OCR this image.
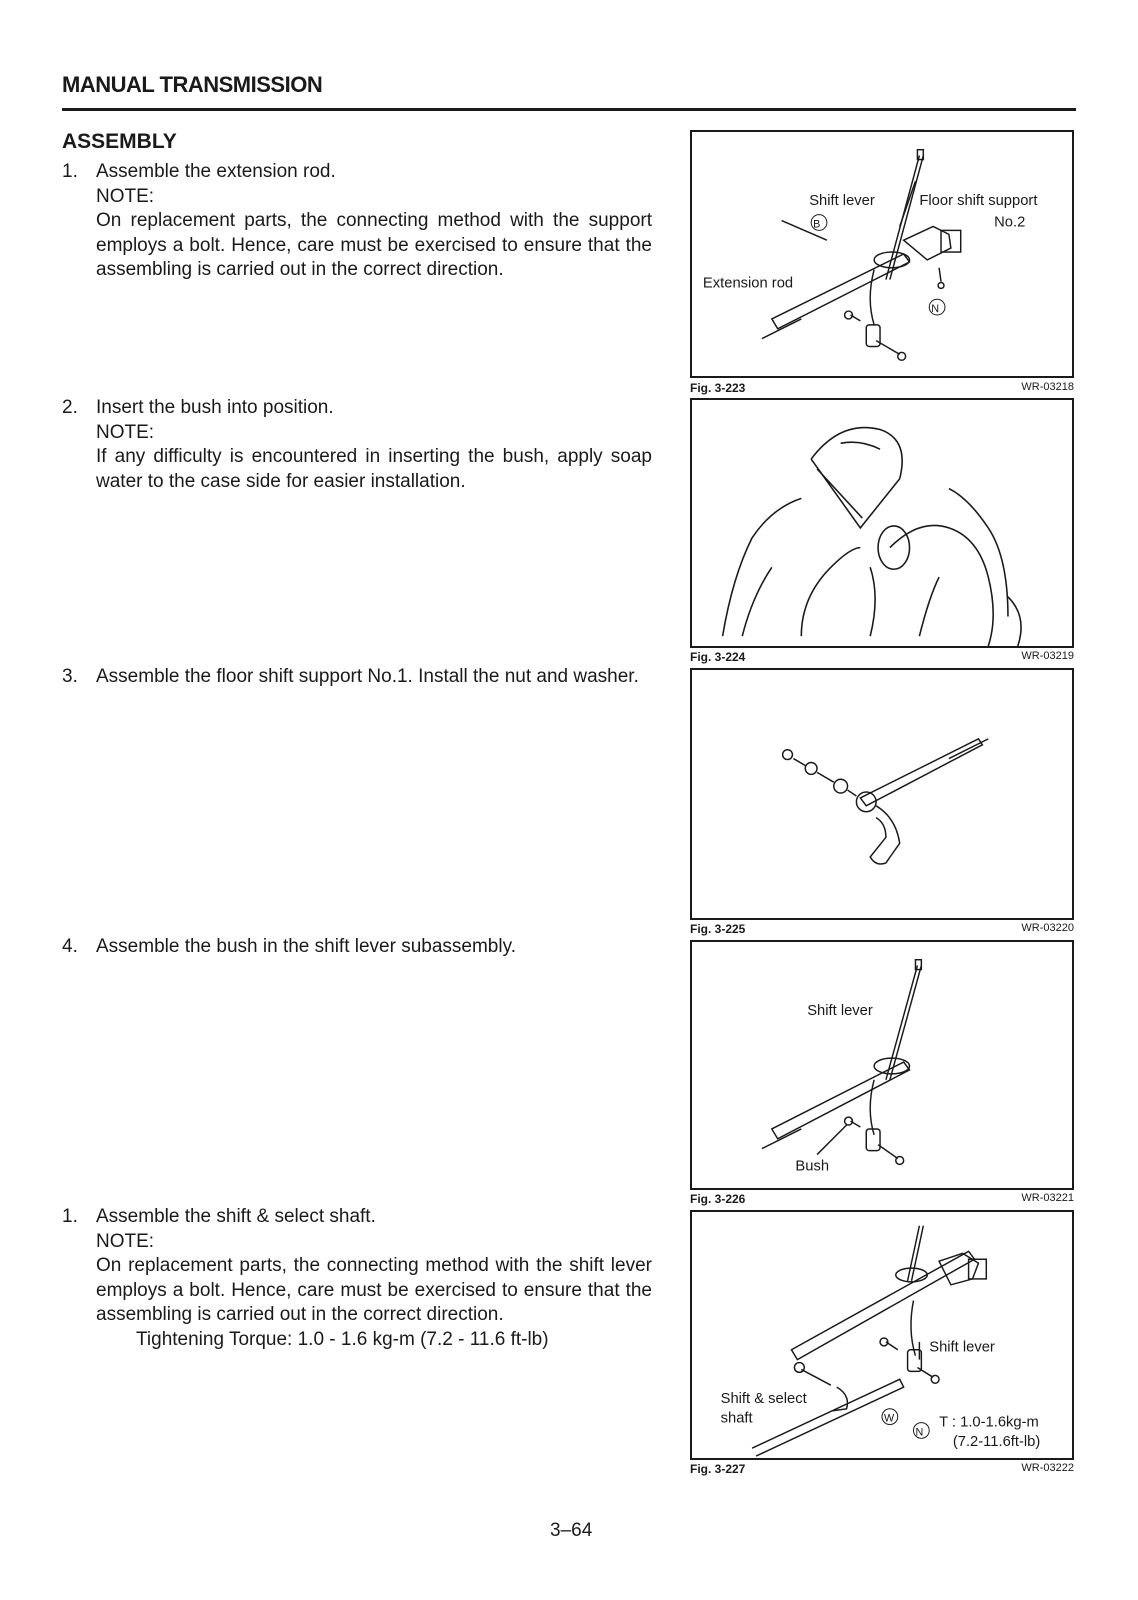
MANUAL TRANSMISSION
ASSEMBLY
1. Assemble the extension rod.
NOTE:
On replacement parts, the connecting method with the support employs a bolt. Hence, care must be exercised to ensure that the assembling is carried out in the correct direction.
2. Insert the bush into position.
NOTE:
If any difficulty is encountered in inserting the bush, apply soap water to the case side for easier installation.
3. Assemble the floor shift support No.1. Install the nut and washer.
4. Assemble the bush in the shift lever subassembly.
1. Assemble the shift & select shaft.
NOTE:
On replacement parts, the connecting method with the shift lever employs a bolt. Hence, care must be exercised to ensure that the assembling is carried out in the correct direction.
Tightening Torque: 1.0 - 1.6 kg-m (7.2 - 11.6 ft-lb)
Shift lever	Floor shift support
No.2
Extension rod
B
N
Fig. 3-223	WR-03218
Fig. 3-224	WR-03219
Fig. 3-225	WR-03220
Shift lever
Bush
Fig. 3-226	WR-03221
Shift lever
Shift & select
shaft	T : 1.0-1.6kg-m
(7.2-11.6ft-lb)
W
N
Fig. 3-227	WR-03222
3–64
